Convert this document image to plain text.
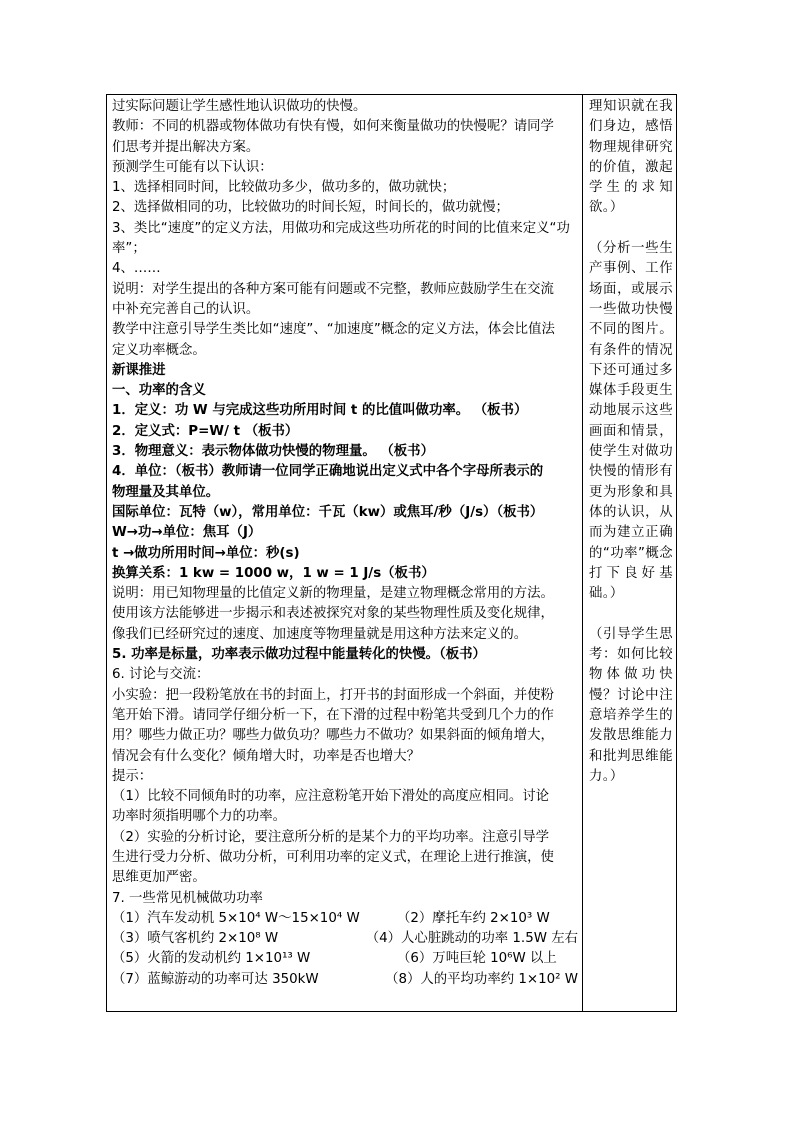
过实际问题让学生感性地认识做功的快慢。
教师：不同的机器或物体做功有快有慢，如何来衡量做功的快慢呢？请同学
们思考并提出解决方案。
预测学生可能有以下认识：
1、选择相同时间，比较做功多少，做功多的，做功就快；
2、选择做相同的功，比较做功的时间长短，时间长的，做功就慢；
3、类比“速度”的定义方法，用做功和完成这些功所花的时间的比值来定义“功
率”；
4、……
说明：对学生提出的各种方案可能有问题或不完整，教师应鼓励学生在交流
中补充完善自己的认识。
教学中注意引导学生类比如“速度”、“加速度”概念的定义方法，体会比值法
定义功率概念。
新课推进
一、功率的含义
1．定义：功 W 与完成这些功所用时间 t 的比值叫做功率。 （板书）
2．定义式：P=W/ t （板书）
3．物理意义：表示物体做功快慢的物理量。 （板书）
4．单位：（板书）教师请一位同学正确地说出定义式中各个字母所表示的
物理量及其单位。
国际单位：瓦特（w），常用单位：千瓦（kw）或焦耳/秒（J/s）（板书）
W→功→单位：焦耳（J）
t →做功所用时间→单位：秒(s)
换算关系：1 kw = 1000 w，1 w = 1 J/s（板书）
说明：用已知物理量的比值定义新的物理量，是建立物理概念常用的方法。
使用该方法能够进一步揭示和表述被探究对象的某些物理性质及变化规律，
像我们已经研究过的速度、加速度等物理量就是用这种方法来定义的。
5. 功率是标量，功率表示做功过程中能量转化的快慢。（板书）
6. 讨论与交流：
小实验：把一段粉笔放在书的封面上，打开书的封面形成一个斜面，并使粉
笔开始下滑。请同学仔细分析一下，在下滑的过程中粉笔共受到几个力的作
用？哪些力做正功？哪些力做负功？哪些力不做功？如果斜面的倾角增大，
情况会有什么变化？倾角增大时，功率是否也增大？
提示：
（1）比较不同倾角时的功率，应注意粉笔开始下滑处的高度应相同。讨论
功率时须指明哪个力的功率。
（2）实验的分析讨论，要注意所分析的是某个力的平均功率。注意引导学
生进行受力分析、做功分析，可利用功率的定义式，在理论上进行推演，使
思维更加严密。
7. 一些常见机械做功功率
（1）汽车发动机 5×10⁴ W～15×10⁴ W	（2）摩托车约 2×10³ W
（3）喷气客机约 2×10⁸ W	（4）人心脏跳动的功率 1.5W 左右
（5）火箭的发动机约 1×10¹³ W	（6）万吨巨轮 10⁶W 以上
（7）蓝鲸游动的功率可达 350kW	（8）人的平均功率约 1×10² W
理知识就在我们身边，感悟物理规律研究的价值，激起学生的求知欲。）
（分析一些生产事例、工作场面，或展示一些做功快慢不同的图片。有条件的情况下还可通过多媒体手段更生动地展示这些画面和情景，使学生对做功快慢的情形有更为形象和具体的认识，从而为建立正确的“功率”概念打下良好基础。）
（引导学生思考：如何比较物体做功快慢？讨论中注意培养学生的发散思维能力和批判思维能力。）
